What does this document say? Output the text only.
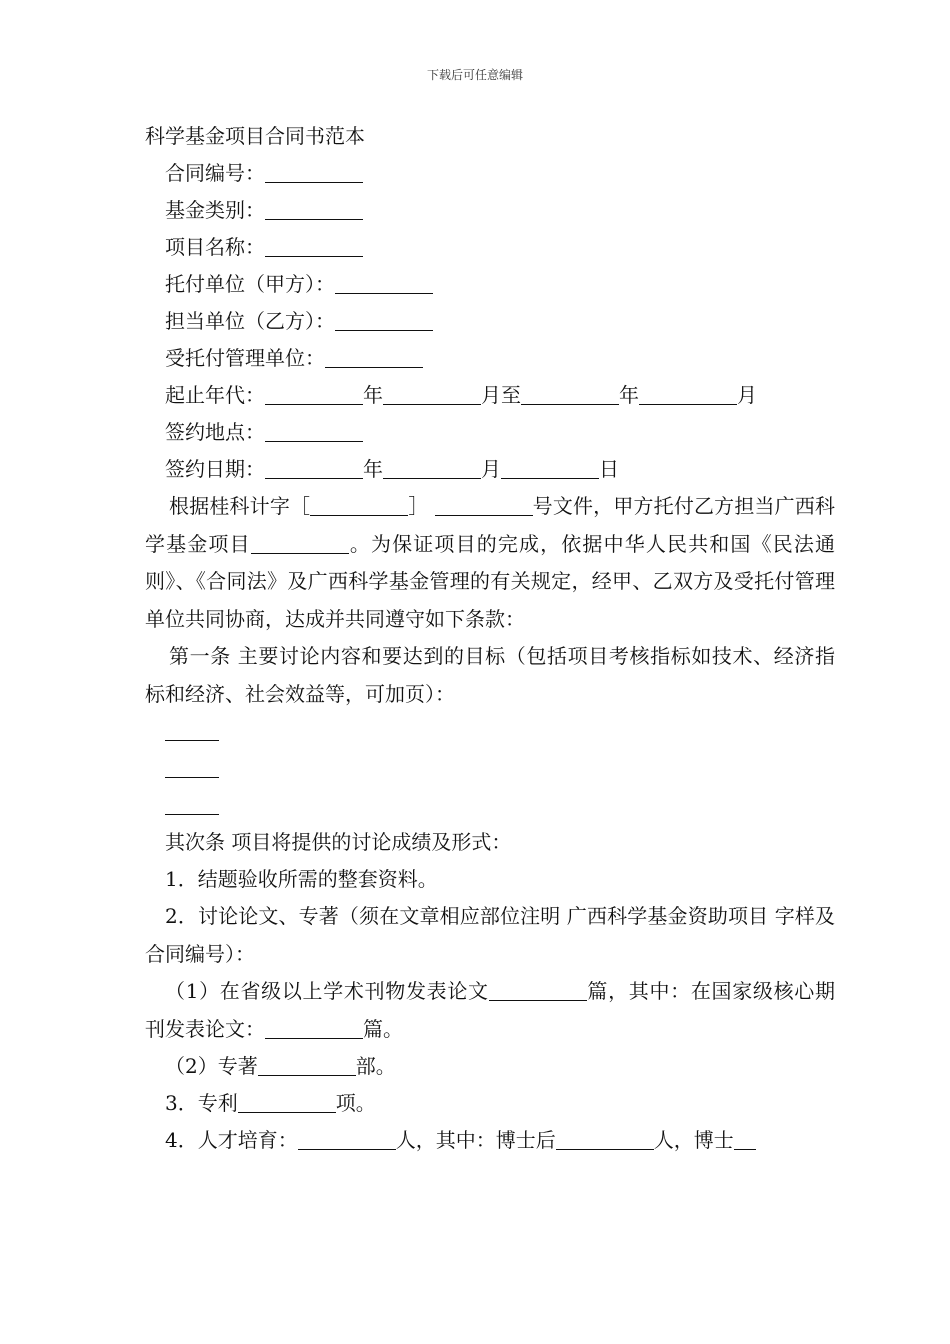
下载后可任意编辑

科学基金项目合同书范本

合同编号：

基金类别：

项目名称：

托付单位（甲方）：

担当单位（乙方）：

受托付管理单位：

起止年代：	年	月至	年	月

签约地点：

签约日期：	年	月	日

根据桂科计字［	］	号文件，甲方托付乙方担当广西科学基金项目	。为保证项目的完成，依据中华人民共和国《民法通则》、《合同法》及广西科学基金管理的有关规定，经甲、乙双方及受托付管理单位共同协商，达成并共同遵守如下条款：

第一条 主要讨论内容和要达到的目标（包括项目考核指标如技术、经济指标和经济、社会效益等，可加页）：

其次条 项目将提供的讨论成绩及形式：

1．结题验收所需的整套资料。

2．讨论论文、专著（须在文章相应部位注明 广西科学基金资助项目 字样及合同编号）：

（1）在省级以上学术刊物发表论文	篇，其中：在国家级核心期刊发表论文：	篇。

（2）专著	部。

3．专利	项。

4．人才培育：	人，其中：博士后	人，博士
